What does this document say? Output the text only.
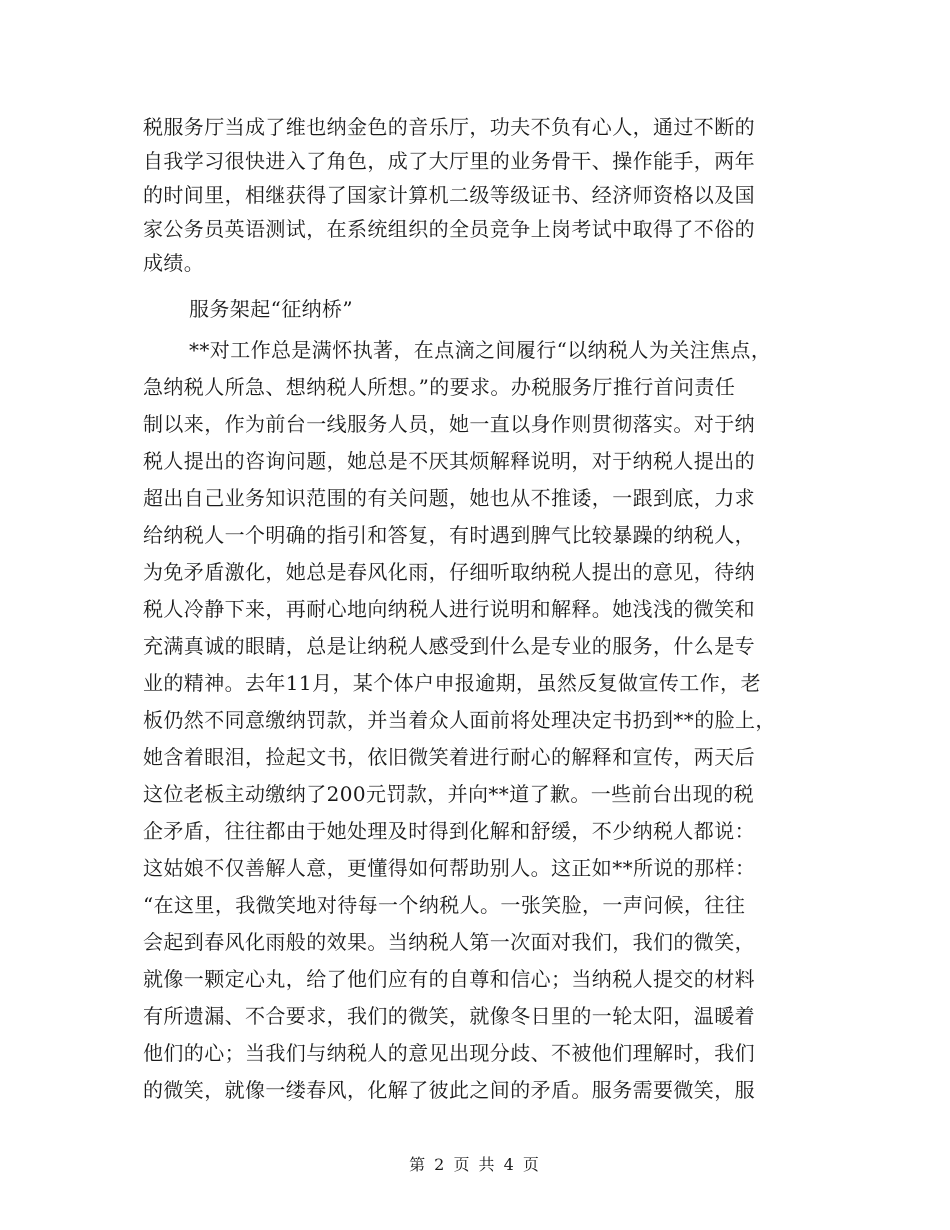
税服务厅当成了维也纳金色的音乐厅，功夫不负有心人，通过不断的
自我学习很快进入了角色，成了大厅里的业务骨干、操作能手，两年
的时间里，相继获得了国家计算机二级等级证书、经济师资格以及国
家公务员英语测试，在系统组织的全员竞争上岗考试中取得了不俗的
成绩。
服务架起“征纳桥”
**对工作总是满怀执著，在点滴之间履行“以纳税人为关注焦点，
急纳税人所急、想纳税人所想。”的要求。办税服务厅推行首问责任
制以来，作为前台一线服务人员，她一直以身作则贯彻落实。对于纳
税人提出的咨询问题，她总是不厌其烦解释说明，对于纳税人提出的
超出自己业务知识范围的有关问题，她也从不推诿，一跟到底，力求
给纳税人一个明确的指引和答复，有时遇到脾气比较暴躁的纳税人，
为免矛盾激化，她总是春风化雨，仔细听取纳税人提出的意见，待纳
税人冷静下来，再耐心地向纳税人进行说明和解释。她浅浅的微笑和
充满真诚的眼睛，总是让纳税人感受到什么是专业的服务，什么是专
业的精神。去年11月，某个体户申报逾期，虽然反复做宣传工作，老
板仍然不同意缴纳罚款，并当着众人面前将处理决定书扔到**的脸上，
她含着眼泪，捡起文书，依旧微笑着进行耐心的解释和宣传，两天后
这位老板主动缴纳了200元罚款，并向**道了歉。一些前台出现的税
企矛盾，往往都由于她处理及时得到化解和舒缓，不少纳税人都说：
这姑娘不仅善解人意，更懂得如何帮助别人。这正如**所说的那样：
“在这里，我微笑地对待每一个纳税人。一张笑脸，一声问候，往往
会起到春风化雨般的效果。当纳税人第一次面对我们，我们的微笑，
就像一颗定心丸，给了他们应有的自尊和信心；当纳税人提交的材料
有所遗漏、不合要求，我们的微笑，就像冬日里的一轮太阳，温暖着
他们的心；当我们与纳税人的意见出现分歧、不被他们理解时，我们
的微笑，就像一缕春风，化解了彼此之间的矛盾。服务需要微笑，服
第 2 页 共 4 页
